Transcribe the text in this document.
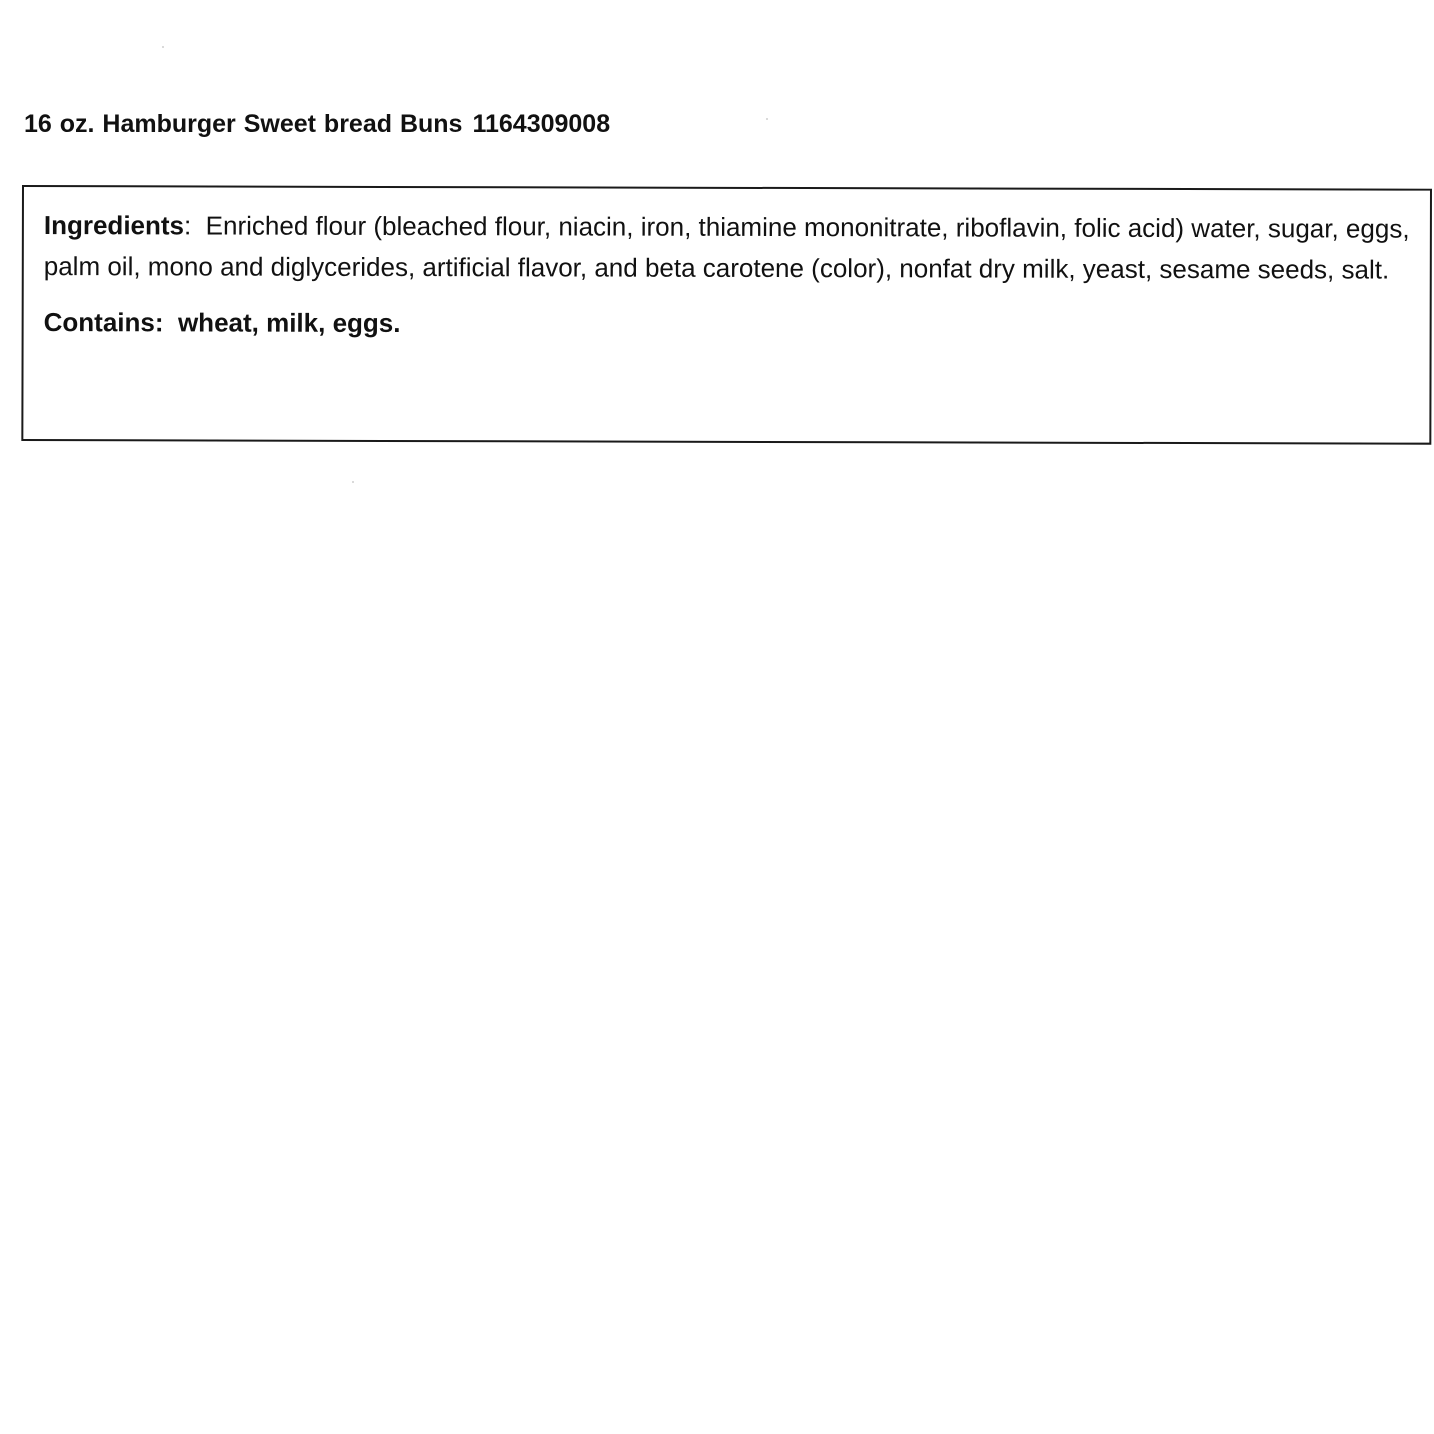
16 oz. Hamburger Sweet bread Buns 1164309008

Ingredients:  Enriched flour (bleached flour, niacin, iron, thiamine mononitrate, riboflavin, folic acid) water, sugar, eggs, palm oil, mono and diglycerides, artificial flavor, and beta carotene (color), nonfat dry milk, yeast, sesame seeds, salt.

Contains: wheat, milk, eggs.
